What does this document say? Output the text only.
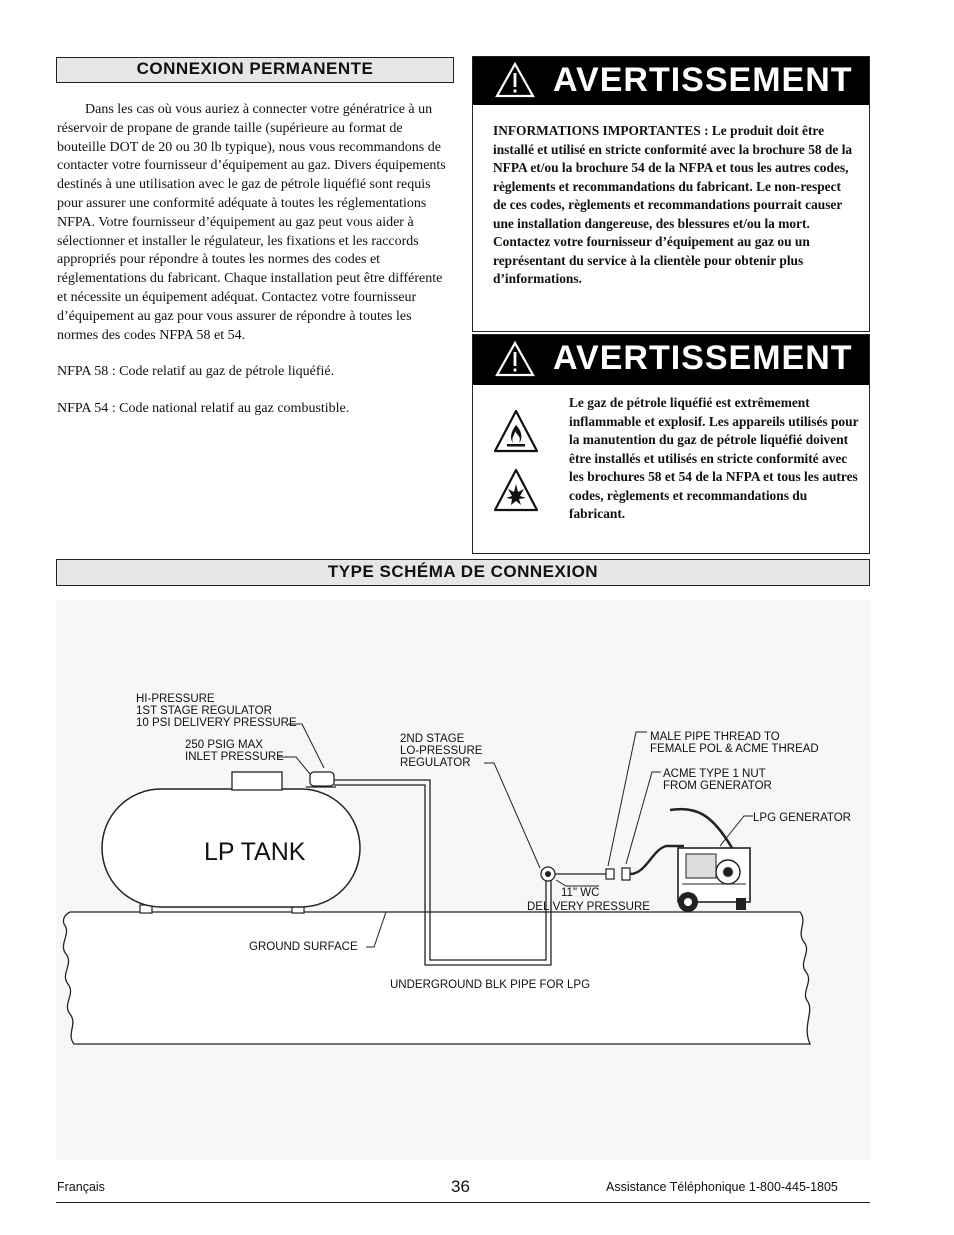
CONNEXION PERMANENTE

Dans les cas où vous auriez à connecter votre génératrice à un réservoir de propane de grande taille (supérieure au format de bouteille DOT de 20 ou 30 lb typique), nous vous recommandons de contacter votre fournisseur d’équipement au gaz. Divers équipements destinés à une utilisation avec le gaz de pétrole liquéfié sont requis pour assurer une conformité adéquate à toutes les réglementations NFPA. Votre fournisseur d’équipement au gaz peut vous aider à sélectionner et installer le régulateur, les fixations et les raccords appropriés pour répondre à toutes les normes des codes et réglementations du fabricant. Chaque installation peut être différente et nécessite un équipement adéquat. Contactez votre fournisseur d’équipement au gaz pour vous assurer de répondre à toutes les normes des codes NFPA 58 et 54.

NFPA 58 : Code relatif au gaz de pétrole liquéfié.

NFPA 54 : Code national relatif au gaz combustible.

AVERTISSEMENT
INFORMATIONS IMPORTANTES : Le produit doit être installé et utilisé en stricte conformité avec la brochure 58 de la NFPA et/ou la brochure 54 de la NFPA et tous les autres codes, règlements et recommandations du fabricant. Le non-respect de ces codes, règlements et recommandations pourrait causer une installation dangereuse, des blessures et/ou la mort. Contactez votre fournisseur d’équipement au gaz ou un représentant du service à la clientèle pour obtenir plus d’informations.
AVERTISSEMENT
Le gaz de pétrole liquéfié est extrêmement inflammable et explosif. Les appareils utilisés pour la manutention du gaz de pétrole liquéfié doivent être installés et utilisés en stricte conformité avec les brochures 58 et 54 de la NFPA et tous les autres codes, règlements et recommandations du fabricant.
TYPE SCHÉMA DE CONNEXION
HI-PRESSURE
1ST STAGE REGULATOR
10 PSI DELIVERY PRESSURE
250 PSIG MAX
INLET PRESSURE
2ND STAGE
LO-PRESSURE
REGULATOR
MALE PIPE THREAD TO
FEMALE POL & ACME THREAD
ACME TYPE 1 NUT
FROM GENERATOR
LPG GENERATOR
LP TANK
11" WC
DELIVERY PRESSURE
GROUND SURFACE
UNDERGROUND BLK PIPE FOR LPG
Français	36	Assistance Téléphonique 1-800-445-1805
